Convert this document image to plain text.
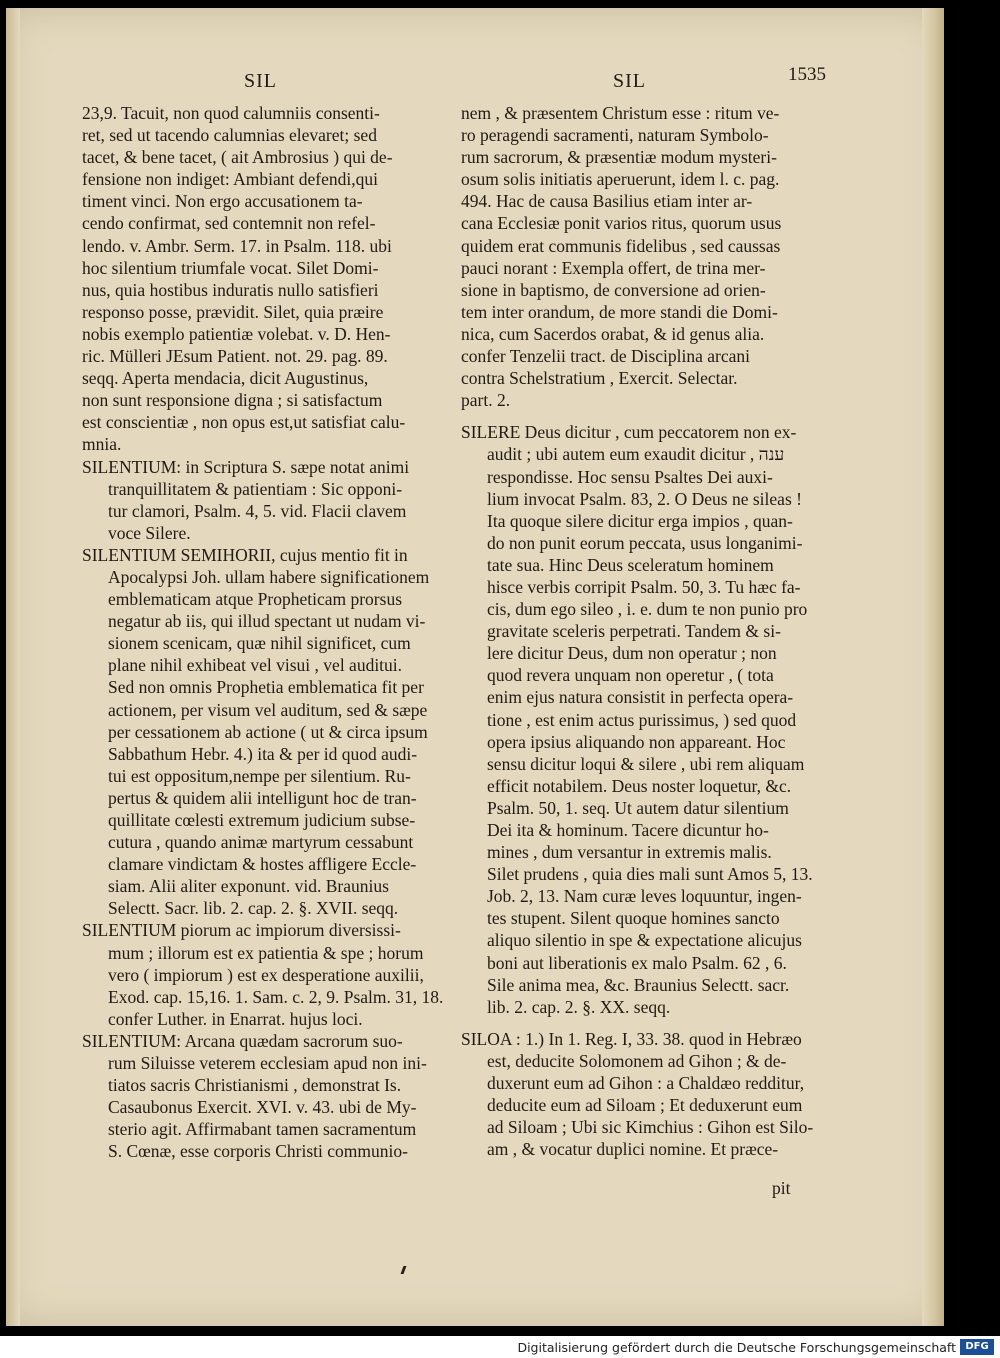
SIL	SIL	1535
23,9. Tacuit, non quod calumniis consenti-
ret, sed ut tacendo calumnias elevaret; sed
tacet, & bene tacet, ( ait Ambrosius ) qui de-
fensione non indiget: Ambiant defendi,qui
timent vinci. Non ergo accusationem ta-
cendo confirmat, sed contemnit non refel-
lendo. v. Ambr. Serm. 17. in Psalm. 118. ubi
hoc silentium triumfale vocat. Silet Domi-
nus, quia hostibus induratis nullo satisfieri
responso posse, prævidit. Silet, quia præire
nobis exemplo patientiæ volebat. v. D. Hen-
ric. Mülleri JEsum Patient. not. 29. pag. 89.
seqq. Aperta mendacia, dicit Augustinus,
non sunt responsione digna ; si satisfactum
est conscientiæ , non opus est,ut satisfiat calu-
mnia.
SILENTIUM: in Scriptura S. sæpe notat animi
tranquillitatem & patientiam : Sic opponi-
tur clamori, Psalm. 4, 5. vid. Flacii clavem
voce Silere.
SILENTIUM SEMIHORII, cujus mentio fit in
Apocalypsi Joh. ullam habere significationem
emblematicam atque Propheticam prorsus
negatur ab iis, qui illud spectant ut nudam vi-
sionem scenicam, quæ nihil significet, cum
plane nihil exhibeat vel visui , vel auditui.
Sed non omnis Prophetia emblematica fit per
actionem, per visum vel auditum, sed & sæpe
per cessationem ab actione ( ut & circa ipsum
Sabbathum Hebr. 4.) ita & per id quod audi-
tui est oppositum,nempe per silentium. Ru-
pertus & quidem alii intelligunt hoc de tran-
quillitate cœlesti extremum judicium subse-
cutura , quando animæ martyrum cessabunt
clamare vindictam & hostes affligere Eccle-
siam. Alii aliter exponunt. vid. Braunius
Selectt. Sacr. lib. 2. cap. 2. §. XVII. seqq.
SILENTIUM piorum ac impiorum diversissi-
mum ; illorum est ex patientia & spe ; horum
vero ( impiorum ) est ex desperatione auxilii,
Exod. cap. 15,16. 1. Sam. c. 2, 9. Psalm. 31, 18.
confer Luther. in Enarrat. hujus loci.
SILENTIUM: Arcana quædam sacrorum suo-
rum Siluisse veterem ecclesiam apud non ini-
tiatos sacris Christianismi , demonstrat Is.
Casaubonus Exercit. XVI. v. 43. ubi de My-
sterio agit. Affirmabant tamen sacramentum
S. Cœnæ, esse corporis Christi communio-
nem , & præsentem Christum esse : ritum ve-
ro peragendi sacramenti, naturam Symbolo-
rum sacrorum, & præsentiæ modum mysteri-
osum solis initiatis aperuerunt, idem l. c. pag.
494. Hac de causa Basilius etiam inter ar-
cana Ecclesiæ ponit varios ritus, quorum usus
quidem erat communis fidelibus , sed caussas
pauci norant : Exempla offert, de trina mer-
sione in baptismo, de conversione ad orien-
tem inter orandum, de more standi die Domi-
nica, cum Sacerdos orabat, & id genus alia.
confer Tenzelii tract. de Disciplina arcani
contra Schelstratium , Exercit. Selectar.
part. 2.
SILERE Deus dicitur , cum peccatorem non ex-
audit ; ubi autem eum exaudit dicitur , ענה
respondisse. Hoc sensu Psaltes Dei auxi-
lium invocat Psalm. 83, 2. O Deus ne sileas !
Ita quoque silere dicitur erga impios , quan-
do non punit eorum peccata, usus longanimi-
tate sua. Hinc Deus sceleratum hominem
hisce verbis corripit Psalm. 50, 3. Tu hæc fa-
cis, dum ego sileo , i. e. dum te non punio pro
gravitate sceleris perpetrati. Tandem & si-
lere dicitur Deus, dum non operatur ; non
quod revera unquam non operetur , ( tota
enim ejus natura consistit in perfecta opera-
tione , est enim actus purissimus, ) sed quod
opera ipsius aliquando non appareant. Hoc
sensu dicitur loqui & silere , ubi rem aliquam
efficit notabilem. Deus noster loquetur, &c.
Psalm. 50, 1. seq. Ut autem datur silentium
Dei ita & hominum. Tacere dicuntur ho-
mines , dum versantur in extremis malis.
Silet prudens , quia dies mali sunt Amos 5, 13.
Job. 2, 13. Nam curæ leves loquuntur, ingen-
tes stupent. Silent quoque homines sancto
aliquo silentio in spe & expectatione alicujus
boni aut liberationis ex malo Psalm. 62 , 6.
Sile anima mea, &c. Braunius Selectt. sacr.
lib. 2. cap. 2. §. XX. seqq.
SILOA : 1.) In 1. Reg. I, 33. 38. quod in Hebræo
est, deducite Solomonem ad Gihon ; & de-
duxerunt eum ad Gihon : a Chaldæo redditur,
deducite eum ad Siloam ; Et deduxerunt eum
ad Siloam ; Ubi sic Kimchius : Gihon est Silo-
am , & vocatur duplici nomine. Et præce-
pit
Digitalisierung gefördert durch die Deutsche Forschungsgemeinschaft DFG
